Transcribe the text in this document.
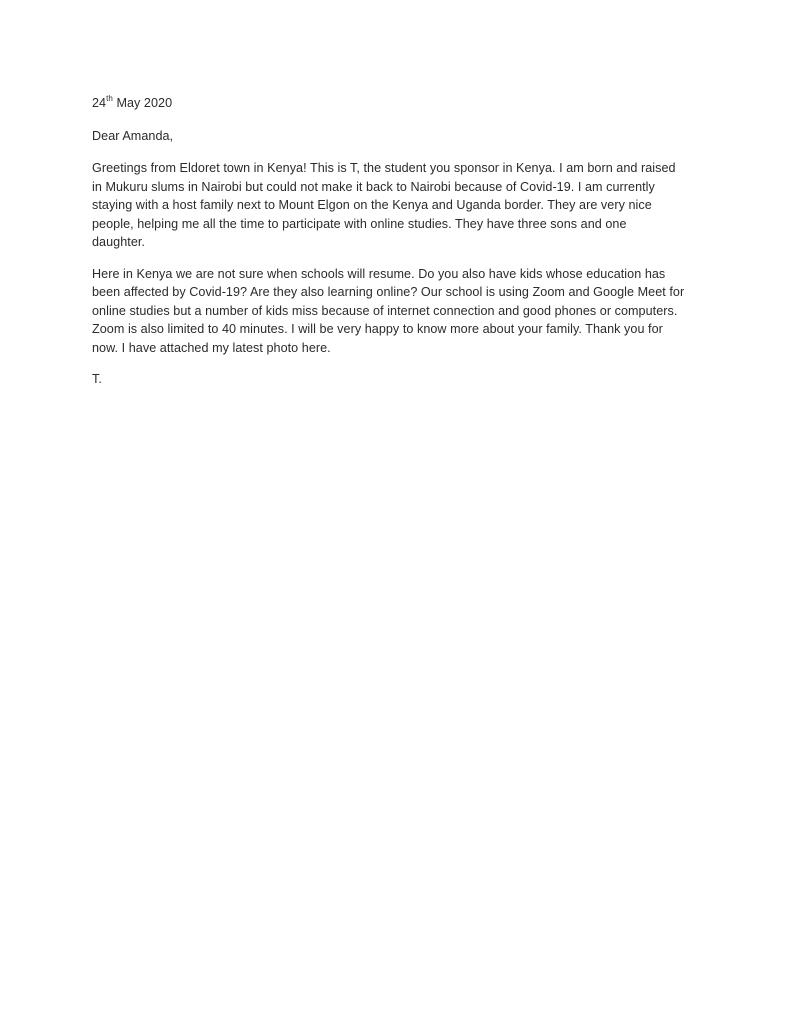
24th May 2020

Dear Amanda,

Greetings from Eldoret town in Kenya! This is T, the student you sponsor in Kenya. I am born and raised
in Mukuru slums in Nairobi but could not make it back to Nairobi because of Covid-19. I am currently
staying with a host family next to Mount Elgon on the Kenya and Uganda border. They are very nice
people, helping me all the time to participate with online studies. They have three sons and one
daughter.

Here in Kenya we are not sure when schools will resume. Do you also have kids whose education has
been affected by Covid-19? Are they also learning online? Our school is using Zoom and Google Meet for
online studies but a number of kids miss because of internet connection and good phones or computers.
Zoom is also limited to 40 minutes. I will be very happy to know more about your family. Thank you for
now. I have attached my latest photo here.

T.
